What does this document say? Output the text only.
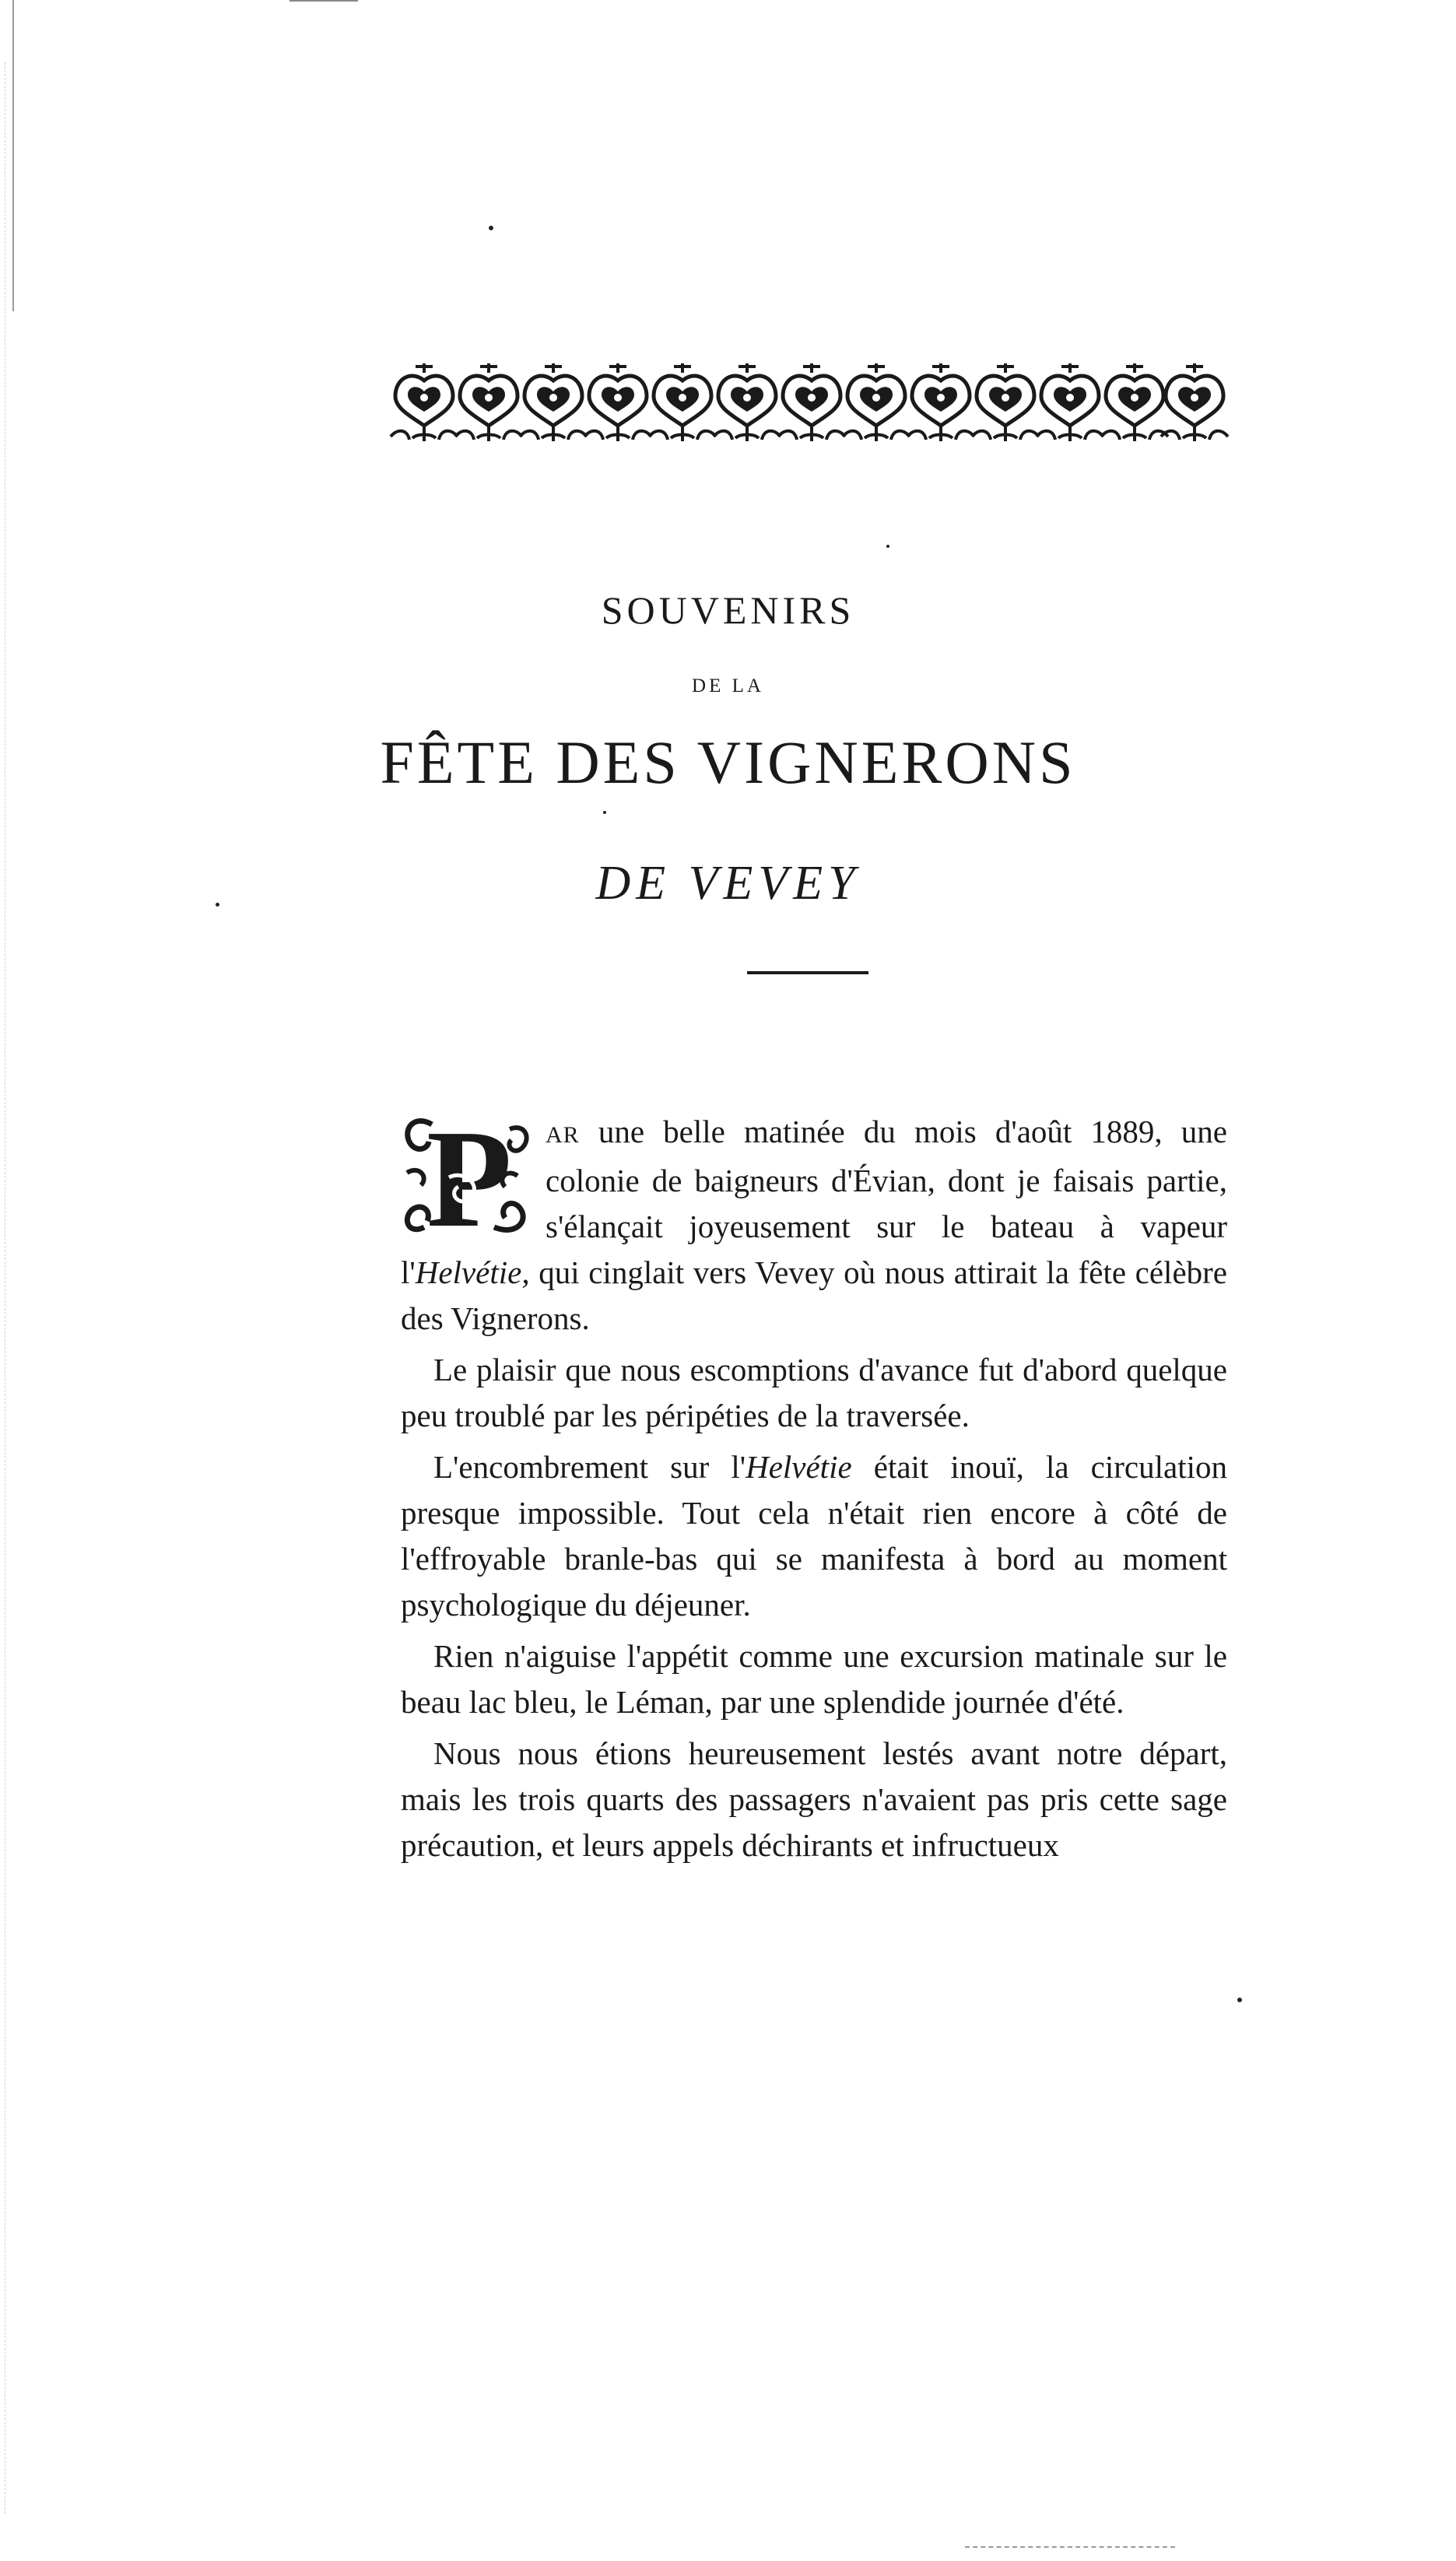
SOUVENIRS
DE LA
FÊTE DES VIGNERONS
DE VEVEY
P	AR une belle matinée du mois d'août 1889, une colonie de baigneurs d'Évian, dont je faisais partie, s'élançait joyeusement sur le bateau à vapeur l'Helvétie, qui cinglait vers Vevey où nous attirait la fête célèbre des Vignerons.

Le plaisir que nous escomptions d'avance fut d'abord quelque peu troublé par les péripéties de la traversée.

L'encombrement sur l'Helvétie était inouï, la circulation presque impossible. Tout cela n'était rien encore à côté de l'effroyable branle-bas qui se manifesta à bord au moment psychologique du déjeuner.

Rien n'aiguise l'appétit comme une excursion matinale sur le beau lac bleu, le Léman, par une splendide journée d'été.

Nous nous étions heureusement lestés avant notre départ, mais les trois quarts des passagers n'avaient pas pris cette sage précaution, et leurs appels déchirants et infructueux
